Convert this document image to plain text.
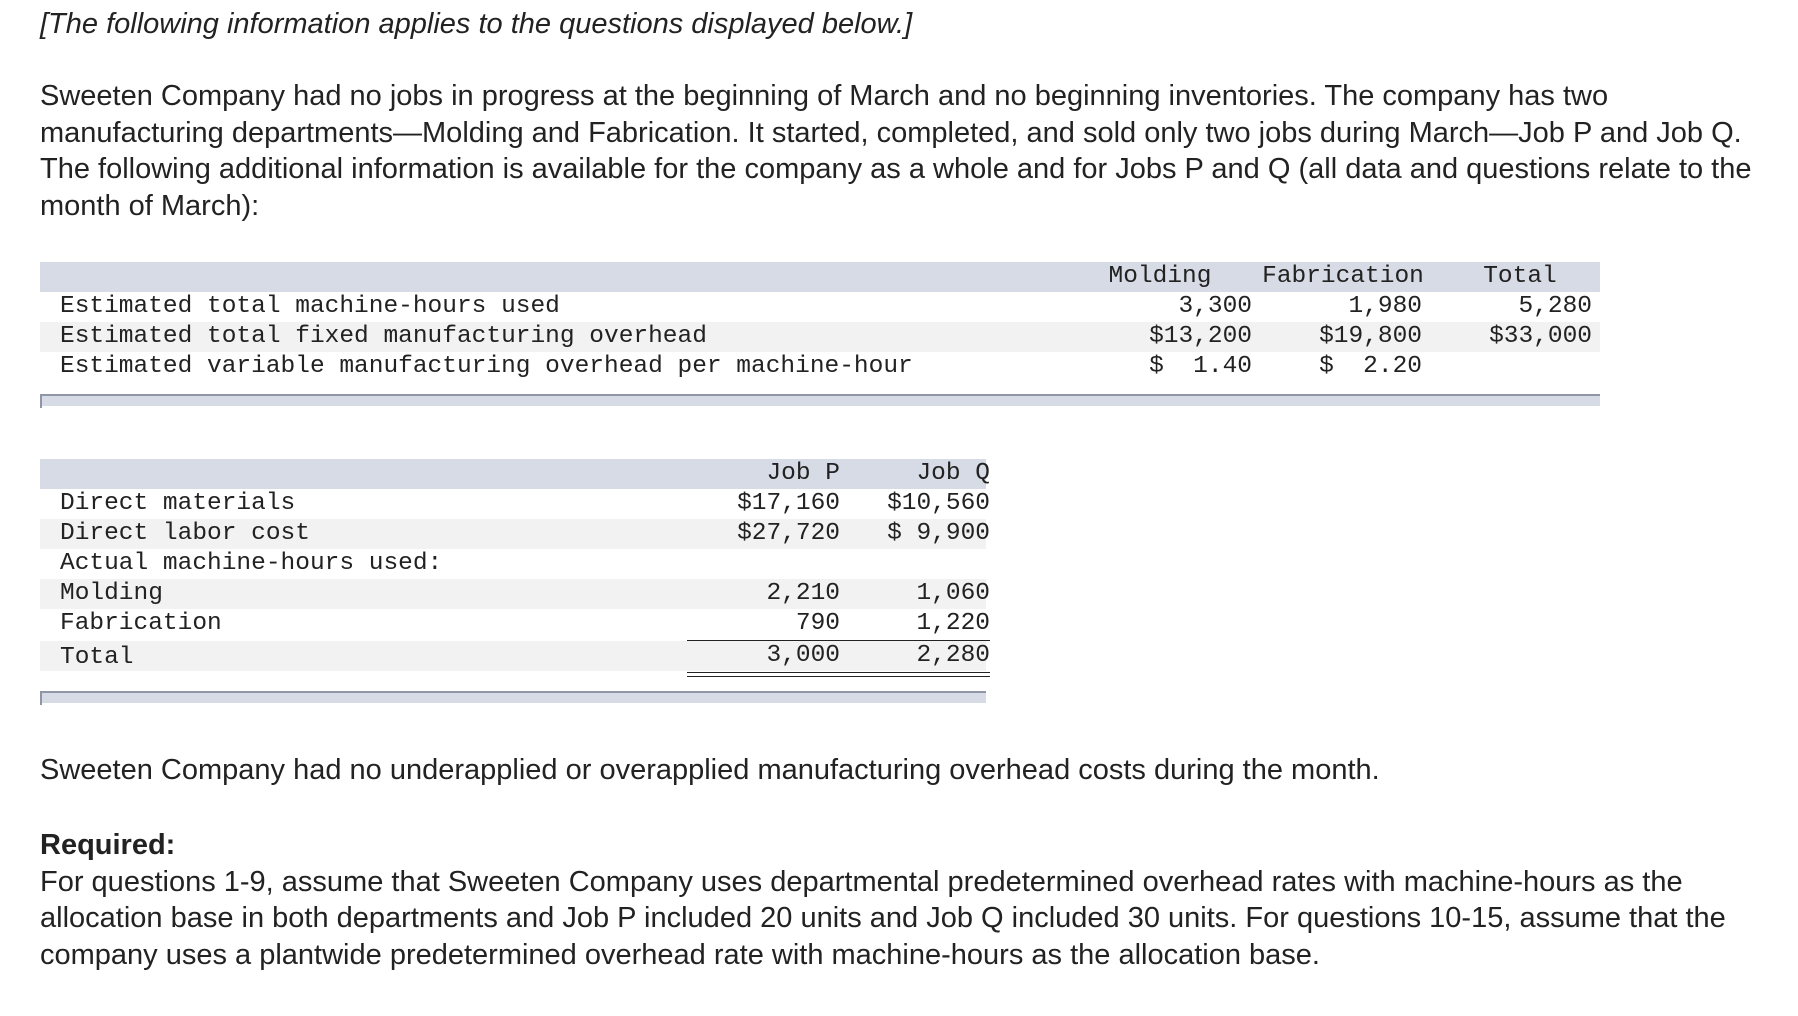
[The following information applies to the questions displayed below.]
Sweeten Company had no jobs in progress at the beginning of March and no beginning inventories. The company has two manufacturing departments—Molding and Fabrication. It started, completed, and sold only two jobs during March—Job P and Job Q. The following additional information is available for the company as a whole and for Jobs P and Q (all data and questions relate to the month of March):
Molding	Fabrication	Total
Estimated total machine-hours used	3,300	1,980	5,280
Estimated total fixed manufacturing overhead	$13,200	$19,800	$33,000
Estimated variable manufacturing overhead per machine-hour	$  1.40	$  2.20
Job P	Job Q
Direct materials	$17,160	$10,560
Direct labor cost	$27,720	$ 9,900
Actual machine-hours used:
Molding	2,210	1,060
Fabrication	790	1,220
Total	3,000	2,280
Sweeten Company had no underapplied or overapplied manufacturing overhead costs during the month.
Required:
For questions 1-9, assume that Sweeten Company uses departmental predetermined overhead rates with machine-hours as the allocation base in both departments and Job P included 20 units and Job Q included 30 units. For questions 10-15, assume that the company uses a plantwide predetermined overhead rate with machine-hours as the allocation base.
